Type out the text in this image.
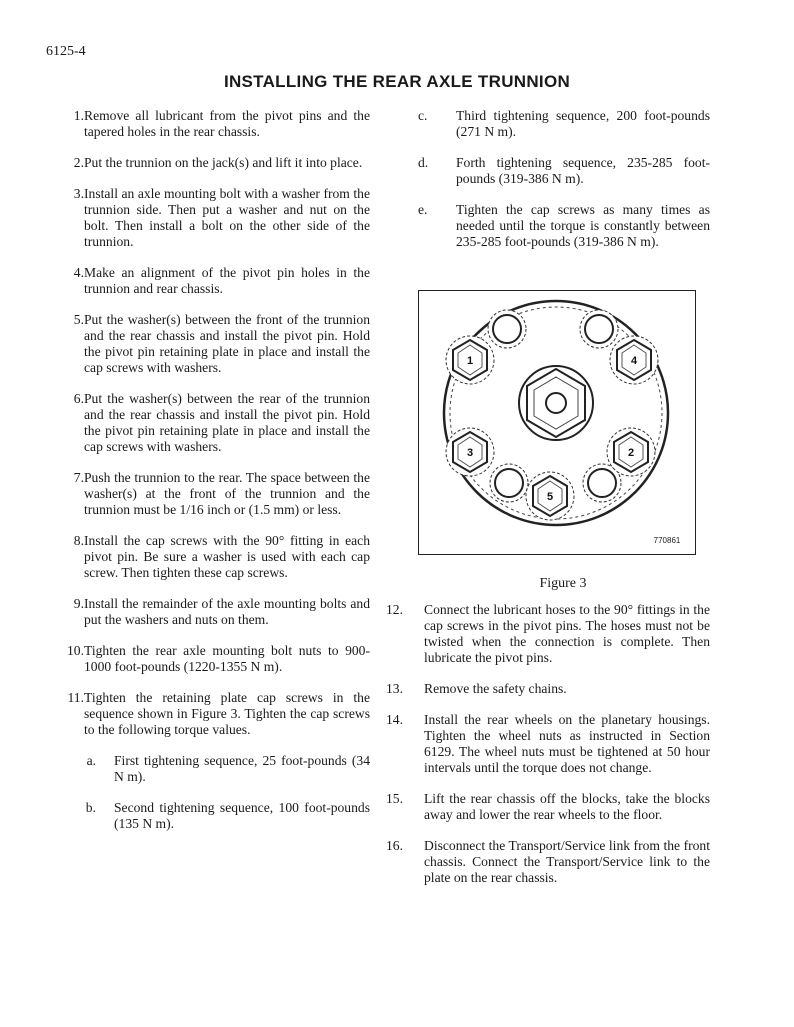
6125-4
INSTALLING THE REAR AXLE TRUNNION
1. Remove all lubricant from the pivot pins and the tapered holes in the rear chassis.
2. Put the trunnion on the jack(s) and lift it into place.
3. Install an axle mounting bolt with a washer from the trunnion side. Then put a washer and nut on the bolt. Then install a bolt on the other side of the trunnion.
4. Make an alignment of the pivot pin holes in the trunnion and rear chassis.
5. Put the washer(s) between the front of the trunnion and the rear chassis and install the pivot pin. Hold the pivot pin retaining plate in place and install the cap screws with washers.
6. Put the washer(s) between the rear of the trunnion and the rear chassis and install the pivot pin. Hold the pivot pin retaining plate in place and install the cap screws with washers.
7. Push the trunnion to the rear. The space between the washer(s) at the front of the trunnion and the trunnion must be 1/16 inch or (1.5 mm) or less.
8. Install the cap screws with the 90° fitting in each pivot pin. Be sure a washer is used with each cap screw. Then tighten these cap screws.
9. Install the remainder of the axle mounting bolts and put the washers and nuts on them.
10. Tighten the rear axle mounting bolt nuts to 900-1000 foot-pounds (1220-1355 N m).
11. Tighten the retaining plate cap screws in the sequence shown in Figure 3. Tighten the cap screws to the following torque values.
a.	First tightening sequence, 25 foot-pounds (34 N m).
b.	Second tightening sequence, 100 foot-pounds (135 N m).
c.	Third tightening sequence, 200 foot-pounds (271 N m).
d.	Forth tightening sequence, 235-285 foot-pounds (319-386 N m).
e.	Tighten the cap screws as many times as needed until the torque is constantly between 235-285 foot-pounds (319-386 N m).
1
2
3
4
5
770861
Figure 3
12.	Connect the lubricant hoses to the 90° fittings in the cap screws in the pivot pins. The hoses must not be twisted when the connection is complete. Then lubricate the pivot pins.
13.	Remove the safety chains.
14.	Install the rear wheels on the planetary housings. Tighten the wheel nuts as instructed in Section 6129. The wheel nuts must be tightened at 50 hour intervals until the torque does not change.
15.	Lift the rear chassis off the blocks, take the blocks away and lower the rear wheels to the floor.
16.	Disconnect the Transport/Service link from the front chassis. Connect the Transport/Service link to the plate on the rear chassis.
